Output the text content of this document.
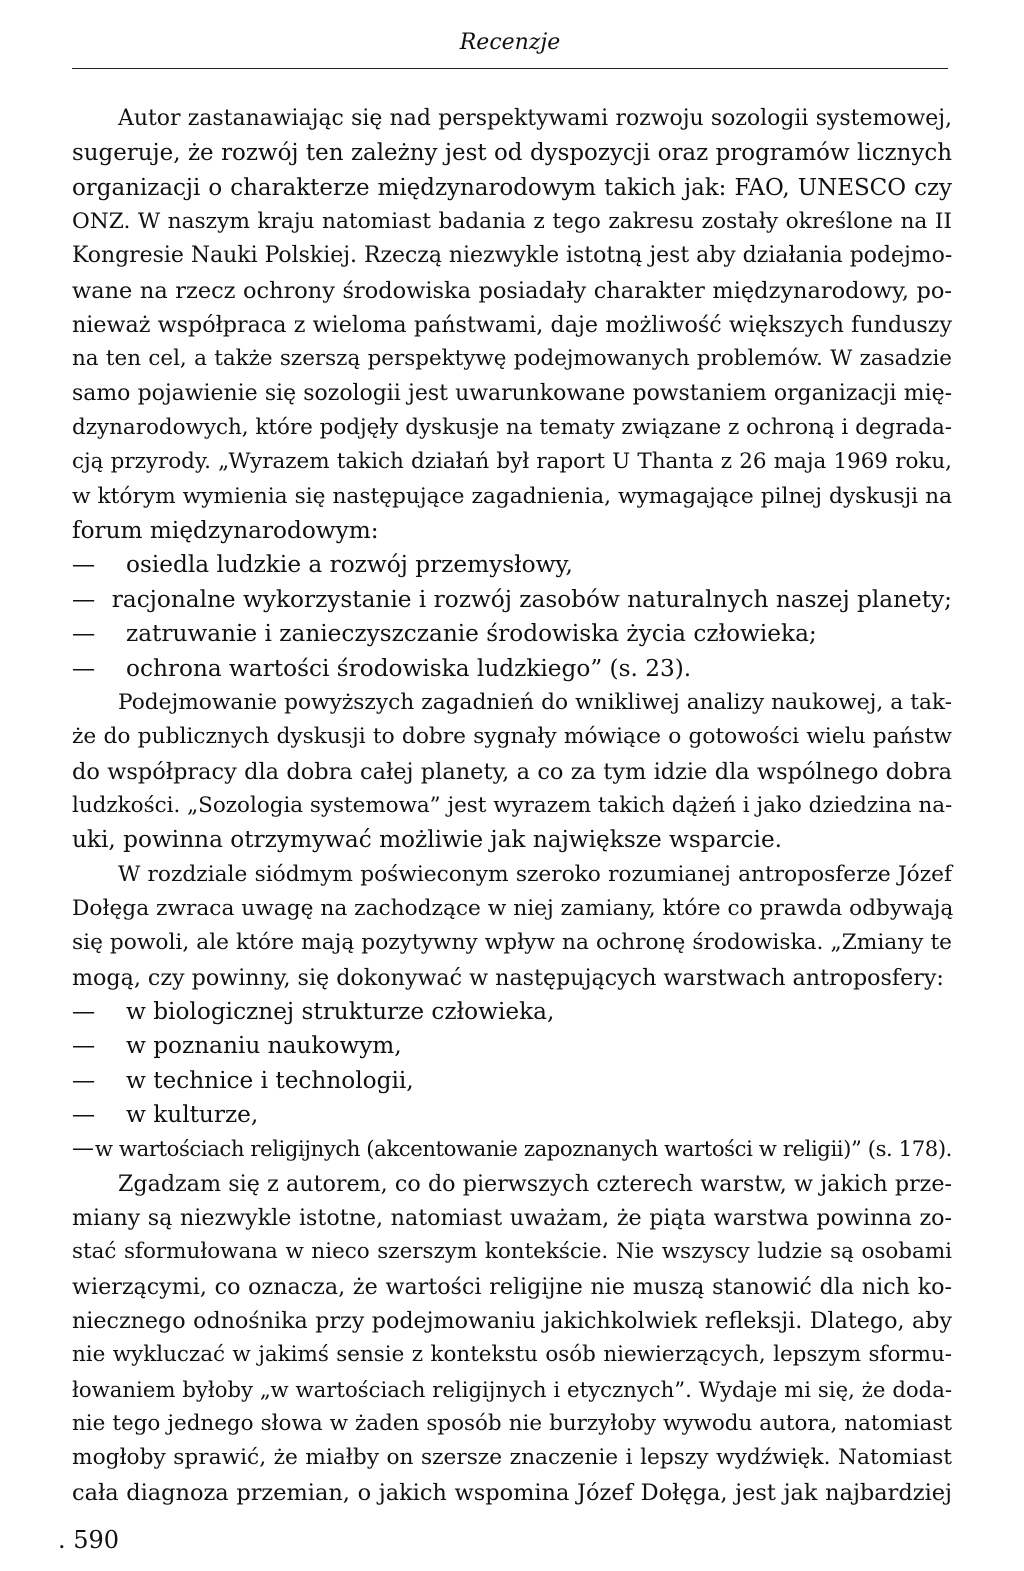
Recenzje
Autor zastanawiając się nad perspektywami rozwoju sozologii systemowej,
sugeruje, że rozwój ten zależny jest od dyspozycji oraz programów licznych
organizacji o charakterze międzynarodowym takich jak: FAO, UNESCO czy
ONZ. W naszym kraju natomiast badania z tego zakresu zostały określone na II
Kongresie Nauki Polskiej. Rzeczą niezwykle istotną jest aby działania podejmo-
wane na rzecz ochrony środowiska posiadały charakter międzynarodowy, po-
nieważ współpraca z wieloma państwami, daje możliwość większych funduszy
na ten cel, a także szerszą perspektywę podejmowanych problemów. W zasadzie
samo pojawienie się sozologii jest uwarunkowane powstaniem organizacji mię-
dzynarodowych, które podjęły dyskusje na tematy związane z ochroną i degrada-
cją przyrody. „Wyrazem takich działań był raport U Thanta z 26 maja 1969 roku,
w którym wymienia się następujące zagadnienia, wymagające pilnej dyskusji na
forum międzynarodowym:
—	osiedla ludzkie a rozwój przemysłowy,
— racjonalne wykorzystanie i rozwój zasobów naturalnych naszej planety;
—	zatruwanie i zanieczyszczanie środowiska życia człowieka;
—	ochrona wartości środowiska ludzkiego” (s. 23).
Podejmowanie powyższych zagadnień do wnikliwej analizy naukowej, a tak-
że do publicznych dyskusji to dobre sygnały mówiące o gotowości wielu państw
do współpracy dla dobra całej planety, a co za tym idzie dla wspólnego dobra
ludzkości. „Sozologia systemowa” jest wyrazem takich dążeń i jako dziedzina na-
uki, powinna otrzymywać możliwie jak największe wsparcie.
W rozdziale siódmym poświeconym szeroko rozumianej antroposferze Józef
Dołęga zwraca uwagę na zachodzące w niej zamiany, które co prawda odbywają
się powoli, ale które mają pozytywny wpływ na ochronę środowiska. „Zmiany te
mogą, czy powinny, się dokonywać w następujących warstwach antroposfery:
—	w biologicznej strukturze człowieka,
—	w poznaniu naukowym,
—	w technice i technologii,
—	w kulturze,
— w wartościach religijnych (akcentowanie zapoznanych wartości w religii)” (s. 178).
Zgadzam się z autorem, co do pierwszych czterech warstw, w jakich prze-
miany są niezwykle istotne, natomiast uważam, że piąta warstwa powinna zo-
stać sformułowana w nieco szerszym kontekście. Nie wszyscy ludzie są osobami
wierzącymi, co oznacza, że wartości religijne nie muszą stanowić dla nich ko-
niecznego odnośnika przy podejmowaniu jakichkolwiek refleksji. Dlatego, aby
nie wykluczać w jakimś sensie z kontekstu osób niewierzących, lepszym sformu-
łowaniem byłoby „w wartościach religijnych i etycznych”. Wydaje mi się, że doda-
nie tego jednego słowa w żaden sposób nie burzyłoby wywodu autora, natomiast
mogłoby sprawić, że miałby on szersze znaczenie i lepszy wydźwięk. Natomiast
cała diagnoza przemian, o jakich wspomina Józef Dołęga, jest jak najbardziej
. 590
